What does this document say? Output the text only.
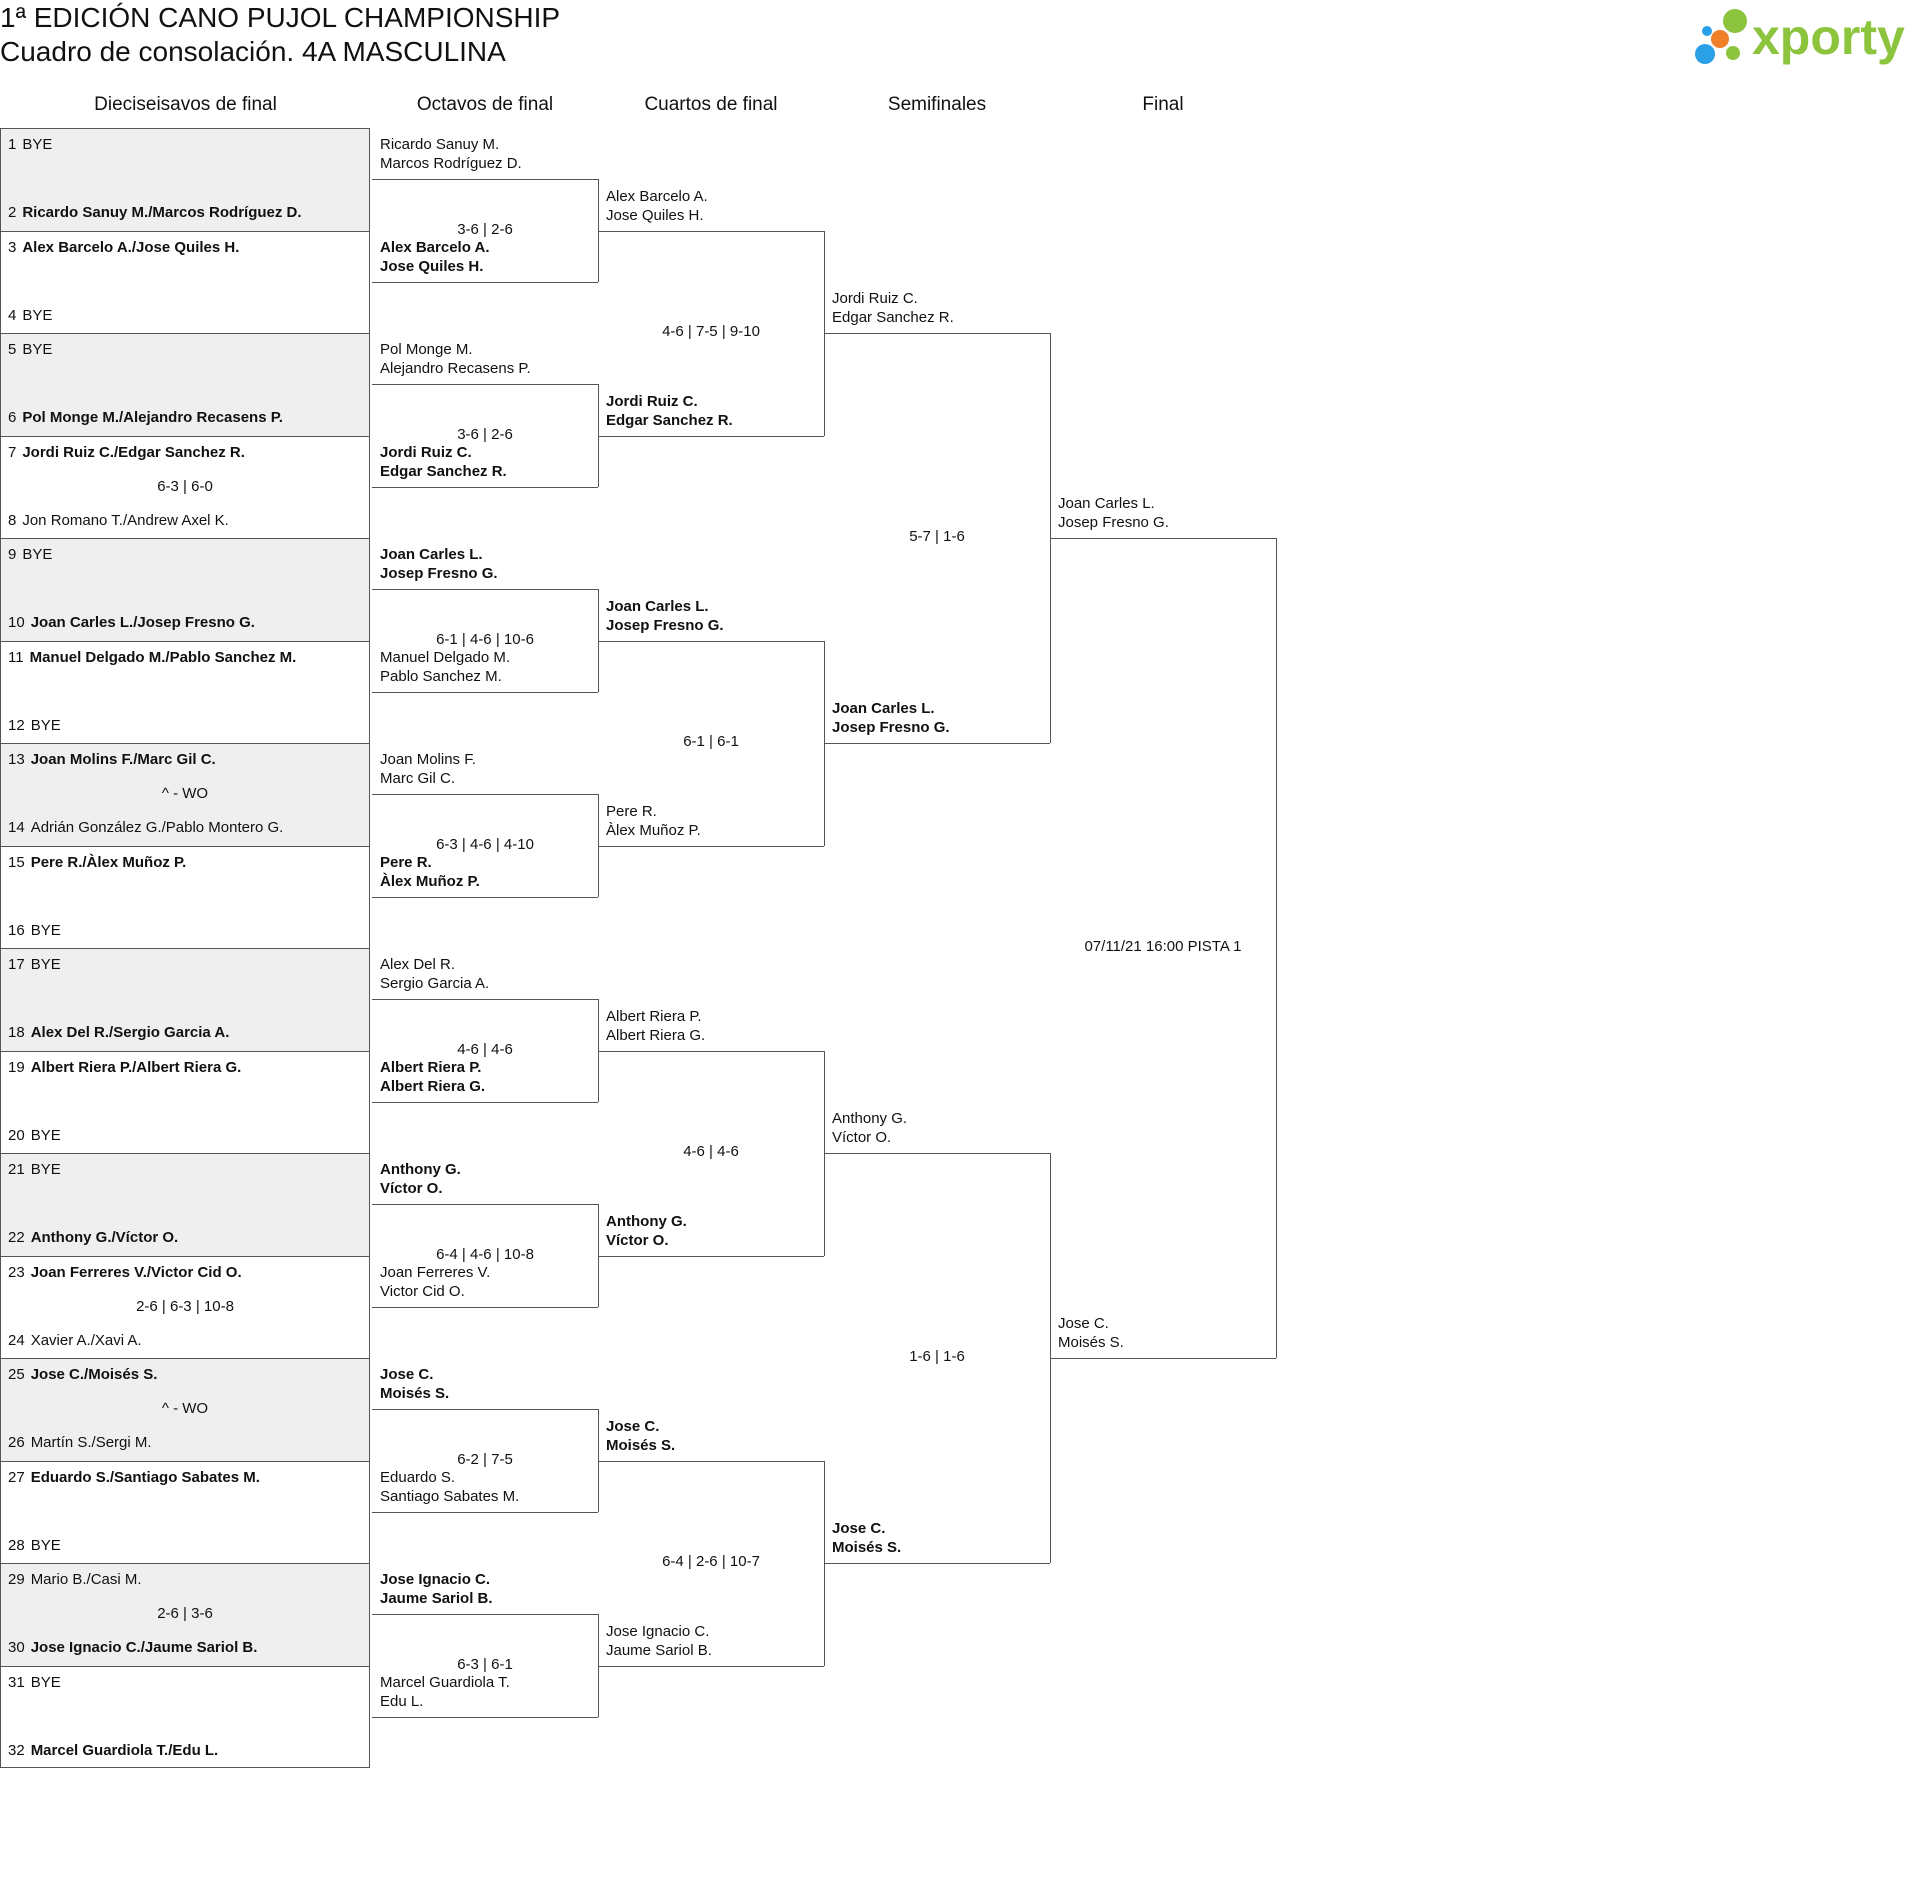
1ª EDICIÓN CANO PUJOL CHAMPIONSHIP
Cuadro de consolación. 4A MASCULINA	xporty
Dieciseisavos de final	Octavos de final	Cuartos de final	Semifinales	Final
1 BYE
2 Ricardo Sanuy M./Marcos Rodríguez D.
3 Alex Barcelo A./Jose Quiles H.
4 BYE
5 BYE
6 Pol Monge M./Alejandro Recasens P.
7 Jordi Ruiz C./Edgar Sanchez R.
8 Jon Romano T./Andrew Axel K.
6-3 | 6-0
9 BYE
10 Joan Carles L./Josep Fresno G.
11 Manuel Delgado M./Pablo Sanchez M.
12 BYE
13 Joan Molins F./Marc Gil C.
14 Adrián González G./Pablo Montero G.
^ - WO
15 Pere R./Àlex Muñoz P.
16 BYE
17 BYE
18 Alex Del R./Sergio Garcia A.
19 Albert Riera P./Albert Riera G.
20 BYE
21 BYE
22 Anthony G./Víctor O.
23 Joan Ferreres V./Victor Cid O.
24 Xavier A./Xavi A.
2-6 | 6-3 | 10-8
25 Jose C./Moisés S.
26 Martín S./Sergi M.
^ - WO
27 Eduardo S./Santiago Sabates M.
28 BYE
29 Mario B./Casi M.
30 Jose Ignacio C./Jaume Sariol B.
2-6 | 3-6
31 BYE
32 Marcel Guardiola T./Edu L.
Ricardo Sanuy M.
Marcos Rodríguez D.
Alex Barcelo A.
Jose Quiles H.
3-6 | 2-6
Pol Monge M.
Alejandro Recasens P.
Jordi Ruiz C.
Edgar Sanchez R.
3-6 | 2-6
Joan Carles L.
Josep Fresno G.
Manuel Delgado M.
Pablo Sanchez M.
6-1 | 4-6 | 10-6
Joan Molins F.
Marc Gil C.
Pere R.
Àlex Muñoz P.
6-3 | 4-6 | 4-10
Alex Del R.
Sergio Garcia A.
Albert Riera P.
Albert Riera G.
4-6 | 4-6
Anthony G.
Víctor O.
Joan Ferreres V.
Victor Cid O.
6-4 | 4-6 | 10-8
Jose C.
Moisés S.
Eduardo S.
Santiago Sabates M.
6-2 | 7-5
Jose Ignacio C.
Jaume Sariol B.
Marcel Guardiola T.
Edu L.
6-3 | 6-1
Alex Barcelo A.
Jose Quiles H.
Jordi Ruiz C.
Edgar Sanchez R.
4-6 | 7-5 | 9-10
Joan Carles L.
Josep Fresno G.
Pere R.
Àlex Muñoz P.
6-1 | 6-1
Albert Riera P.
Albert Riera G.
Anthony G.
Víctor O.
4-6 | 4-6
Jose C.
Moisés S.
Jose Ignacio C.
Jaume Sariol B.
6-4 | 2-6 | 10-7
Jordi Ruiz C.
Edgar Sanchez R.
Joan Carles L.
Josep Fresno G.
5-7 | 1-6
Anthony G.
Víctor O.
Jose C.
Moisés S.
1-6 | 1-6
Joan Carles L.
Josep Fresno G.
Jose C.
Moisés S.
07/11/21 16:00 PISTA 1
